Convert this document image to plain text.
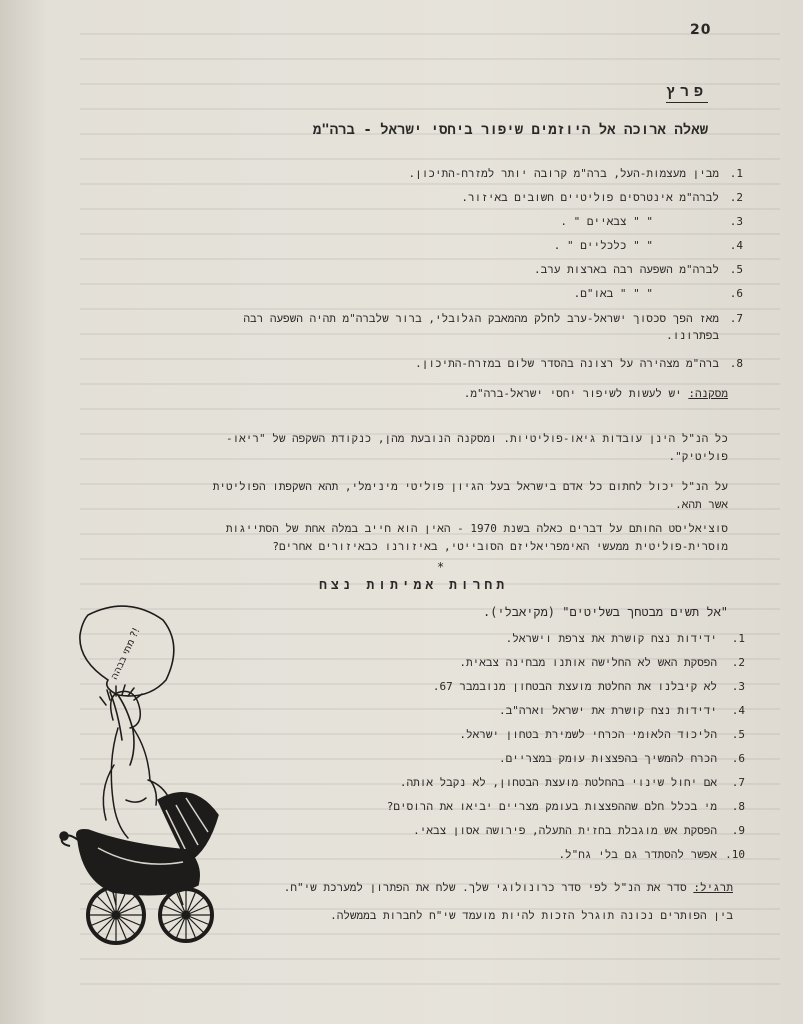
20
פרץ
שאלה ארוכה אל היוזמים שיפור ביחסי ישראל - ברה"מ
.1
מבין מעצמות-העל, ברה"מ קרובה יותר למזרח-התיכון.
.2
לברה"מ אינטרסים פוליטיים חשובים באיזור.
.3
" " צבאיים " .
.4
" " כלכליים " .
.5
לברה"מ השפעה רבה בארצות ערב.
.6
" " " באו"ם.
.7
מאז הפך סכסוך ישראל-ערב לחלק מהמאבק הגלובלי, ברור שלברה"מ תהיה השפעה רבה
בפתרונו.
.8
ברה"מ מצהירה על רצונה בהסדר שלום במזרח-התיכון.
מסקנה: יש לעשות לשיפור יחסי ישראל-ברה"מ.
כל הנ"ל הינן עובדות גיאו-פוליטיות. ומסקנה הנובעת מהן, כנקודת השקפה של "ריאו-
פוליטיק".
על הנ"ל יכול לחתום כל אדם בישראל בעל הגיון פוליטי מינימלי, תהא השקפתו הפוליטית
אשר תהא.
סוציאליסט החותם על דברים כאלה בשנת 1970 - האין הוא חייב במלה אחת של הסתייגות
מוסרית-פוליטית ממעשי האימפריאליזם הסובייטי, באיזורנו כבאיזורים אחרים?
*
תחרות אמיתות נצח
"אל תשים מבטחך בשליטים" (מקיאבלי).
.1
ידידות נצח קושרת את צרפת וישראל.
.2
הפסקת האש לא החלישה אותנו מבחינה צבאית.
.3
לא קיבלנו את החלטת מועצת הבטחון מנובמבר 67.
.4
ידידות נצח קושרת את ישראל וארה"ב.
.5
הליכוד הלאומי הכרחי לשמירת בטחון ישראל.
.6
הכרח להמשיך בהפצצות עומק במצריים.
.7
אם יחול שינוי בהחלטת מועצת הבטחון, לא נקבל אותה.
.8
מי בכלל חלם שההפצצות בעומק מצריים יביאו את הרוסים?
.9
הפסקת אש מוגבלת בחזית התעלה, פירושה אסון צבאי.
.10
אפשר להסתדר גם בלי גח"ל.
תרגיל: סדר את הנ"ל לפי סדר כרונולוגי שלך. שלח את הפתרון למערכת שי"ח.
בין הפותרים נכונה תוגרל הזכות להיות מועמד שי"ח לחברות בממשלה.
מתי בבהה ?!
